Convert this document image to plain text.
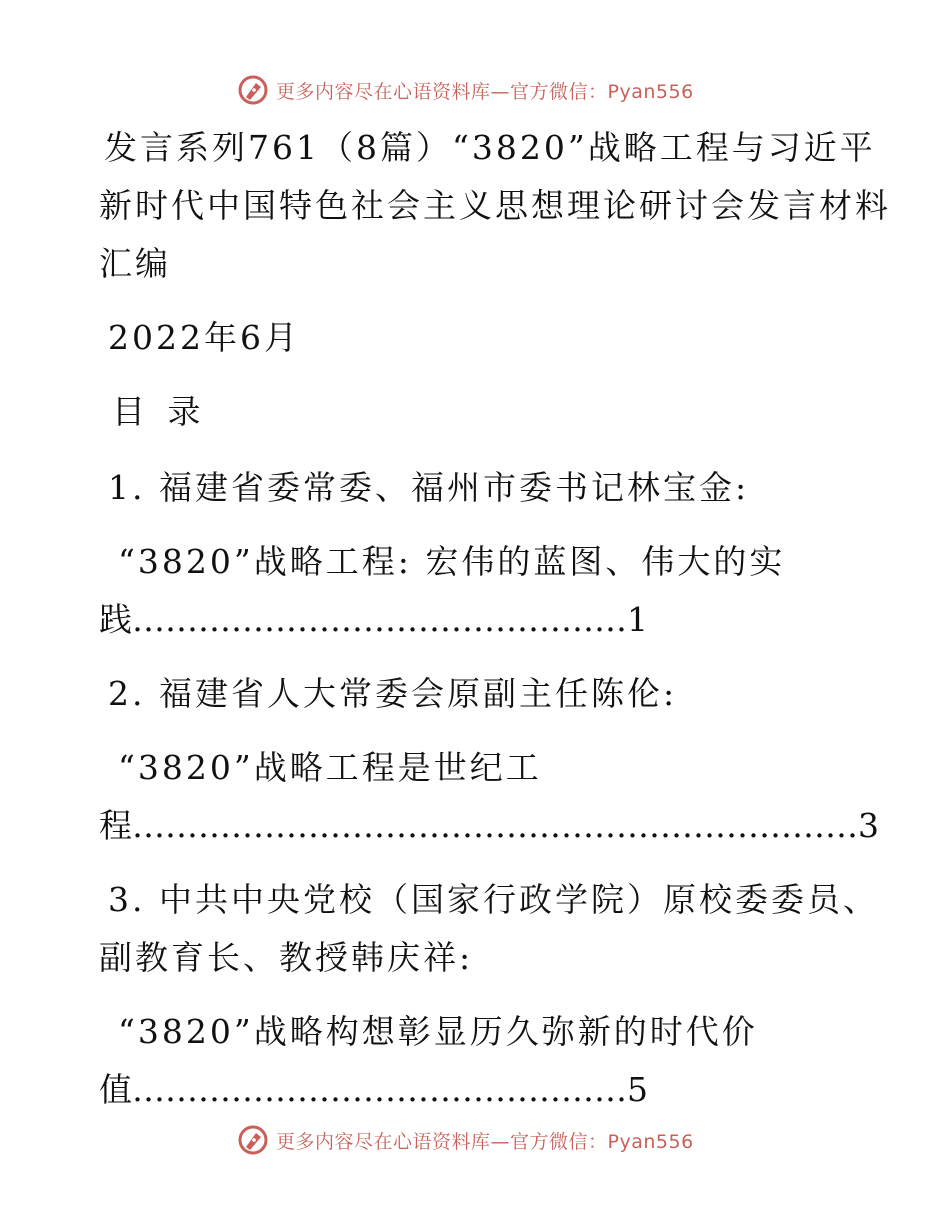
更多内容尽在心语资料库—官方微信：Pyan556
发言系列761（8篇）“3820”战略工程与习近平
新时代中国特色社会主义思想理论研讨会发言材料
汇编
2022年6月
目 录
1. 福建省委常委、福州市委书记林宝金:
“3820”战略工程: 宏伟的蓝图、伟大的实
践………………………………………1
2. 福建省人大常委会原副主任陈伦:
“3820”战略工程是世纪工
程…………………………………………………………3
3. 中共中央党校（国家行政学院）原校委委员、
副教育长、教授韩庆祥:
“3820”战略构想彰显历久弥新的时代价
值………………………………………5
更多内容尽在心语资料库—官方微信：Pyan556
